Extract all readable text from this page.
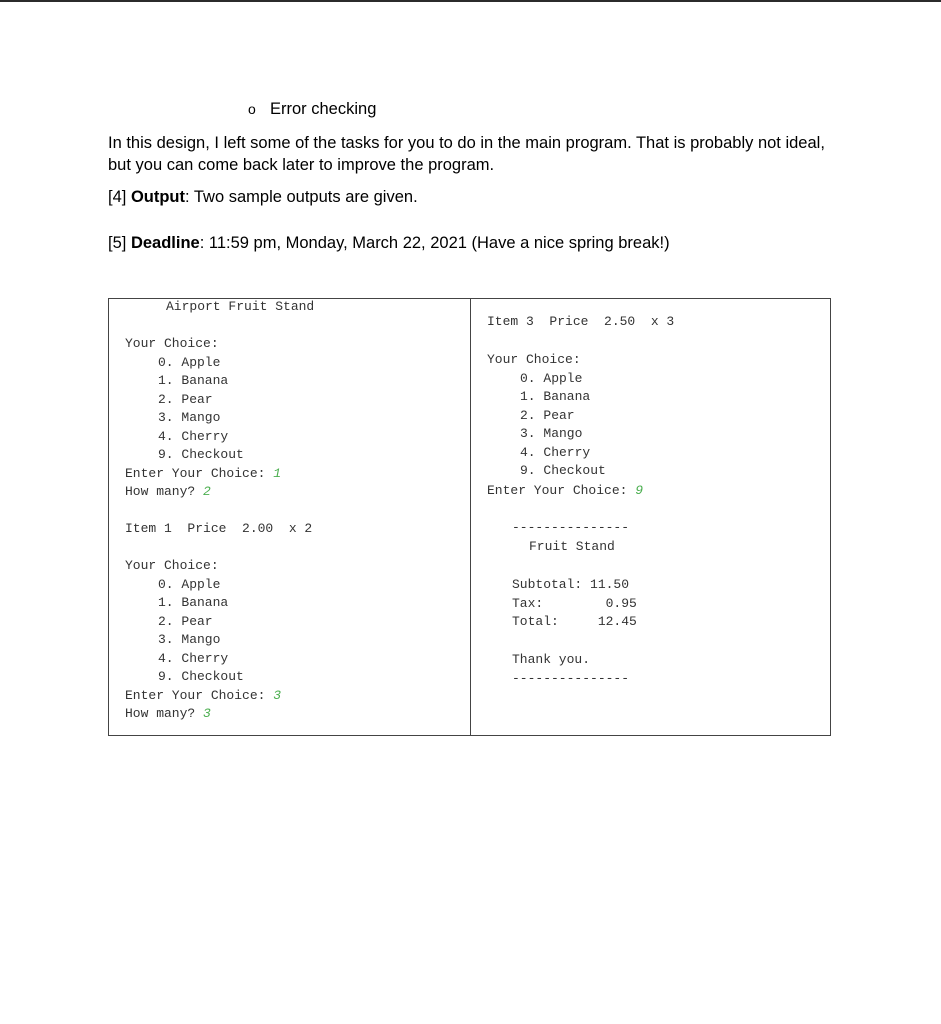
o Error checking
In this design, I left some of the tasks for you to do in the main program. That is probably not ideal, but you can come back later to improve the program.
[4] Output: Two sample outputs are given.
[5] Deadline: 11:59 pm, Monday, March 22, 2021 (Have a nice spring break!)

Airport Fruit Stand

Your Choice:

0. Apple

1. Banana

2. Pear

3. Mango

4. Cherry

9. Checkout

Enter Your Choice: 1

How many? 2

Item 1  Price  2.00  x 2

Your Choice:

0. Apple

1. Banana

2. Pear

3. Mango

4. Cherry

9. Checkout

Enter Your Choice: 3

How many? 3

Item 3  Price  2.50  x 3

Your Choice:

0. Apple

1. Banana

2. Pear

3. Mango

4. Cherry

9. Checkout

Enter Your Choice: 9

---------------

Fruit Stand

Subtotal: 11.50

Tax:        0.95

Total:     12.45

Thank you.

---------------
